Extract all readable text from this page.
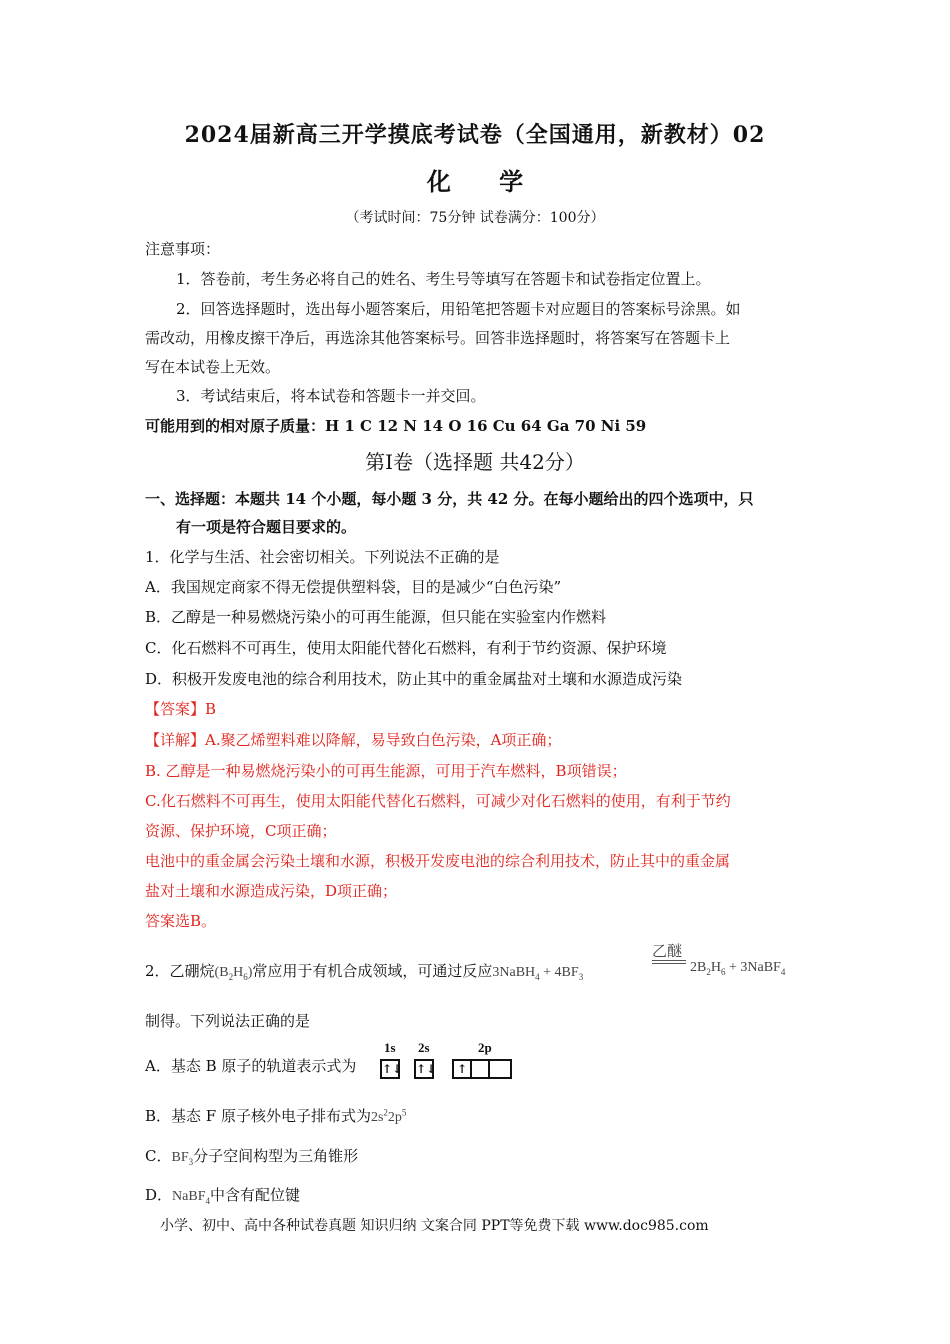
2024届新高三开学摸底考试卷（全国通用，新教材）02
化 学
（考试时间：75分钟 试卷满分：100分）
注意事项：
1．答卷前，考生务必将自己的姓名、考生号等填写在答题卡和试卷指定位置上。
2．回答选择题时，选出每小题答案后，用铅笔把答题卡对应题目的答案标号涂黑。如
需改动，用橡皮擦干净后，再选涂其他答案标号。回答非选择题时，将答案写在答题卡上
写在本试卷上无效。
3．考试结束后，将本试卷和答题卡一并交回。
可能用到的相对原子质量：H 1 C 12 N 14 O 16 Cu 64 Ga 70 Ni 59
第Ⅰ卷（选择题 共42分）
一、选择题：本题共 14 个小题，每小题 3 分，共 42 分。在每小题给出的四个选项中，只
有一项是符合题目要求的。
1．化学与生活、社会密切相关。下列说法不正确的是
A．我国规定商家不得无偿提供塑料袋，目的是减少“白色污染”
B．乙醇是一种易燃烧污染小的可再生能源，但只能在实验室内作燃料
C．化石燃料不可再生，使用太阳能代替化石燃料，有利于节约资源、保护环境
D．积极开发废电池的综合利用技术，防止其中的重金属盐对土壤和水源造成污染
【答案】B
【详解】A.聚乙烯塑料难以降解，易导致白色污染，A项正确；
B. 乙醇是一种易燃烧污染小的可再生能源，可用于汽车燃料，B项错误；
C.化石燃料不可再生，使用太阳能代替化石燃料，可减少对化石燃料的使用，有利于节约
资源、保护环境，C项正确；
电池中的重金属会污染土壤和水源，积极开发废电池的综合利用技术，防止其中的重金属
盐对土壤和水源造成污染，D项正确；
答案选B。
2．乙硼烷$(B_2H_6)$常应用于有机合成领域，可通过反应3NaBH$_4$ + $4BF_3$
乙醚
$2B_2H_6$ + 3NaBF$_4$
制得。下列说法正确的是
A．基态 B 原子的轨道表示式为
1s 2s	2p
↑↓ ↑↓	↑
B．基态 F 原子核外电子排布式为$2s^22p^5$
C．$BF_3$分子空间构型为三角锥形
D．NaBF$_4$中含有配位键
小学、初中、高中各种试卷真题 知识归纳 文案合同 PPT等免费下载 www.doc985.com
